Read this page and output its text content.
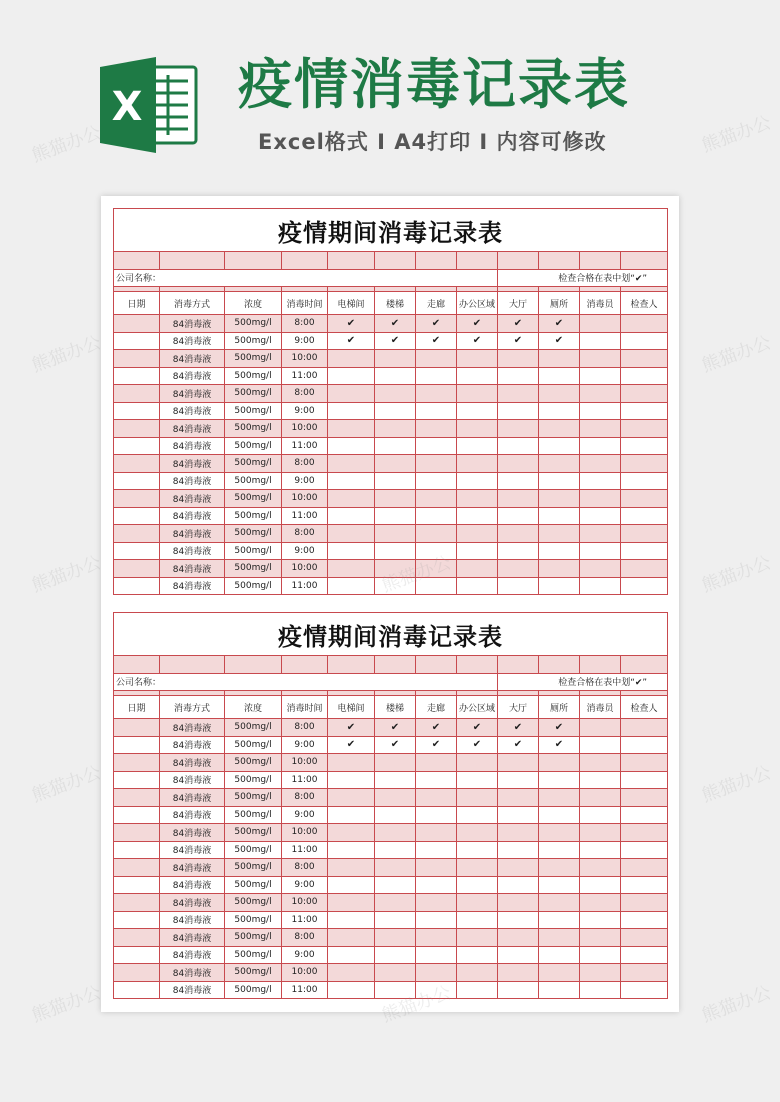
X 疫情消毒记录表
Excel格式 I A4打印 I 内容可修改
疫情期间消毒记录表											

公司名称：								检查合格在表中划“✔”			

日期	消毒方式	浓度	消毒时间	电梯间	楼梯	走廊	办公区域	大厅	厕所	消毒员	检查人
	84消毒液	500mg/l	8:00	✔	✔	✔	✔	✔	✔		
	84消毒液	500mg/l	9:00	✔	✔	✔	✔	✔	✔		
	84消毒液	500mg/l	10:00								
	84消毒液	500mg/l	11:00								
	84消毒液	500mg/l	8:00								
	84消毒液	500mg/l	9:00								
	84消毒液	500mg/l	10:00								
	84消毒液	500mg/l	11:00								
	84消毒液	500mg/l	8:00								
	84消毒液	500mg/l	9:00								
	84消毒液	500mg/l	10:00								
	84消毒液	500mg/l	11:00								
	84消毒液	500mg/l	8:00								
	84消毒液	500mg/l	9:00								
	84消毒液	500mg/l	10:00								
	84消毒液	500mg/l	11:00								
疫情期间消毒记录表											

公司名称：								检查合格在表中划“✔”			

日期	消毒方式	浓度	消毒时间	电梯间	楼梯	走廊	办公区域	大厅	厕所	消毒员	检查人
	84消毒液	500mg/l	8:00	✔	✔	✔	✔	✔	✔		
	84消毒液	500mg/l	9:00	✔	✔	✔	✔	✔	✔		
	84消毒液	500mg/l	10:00								
	84消毒液	500mg/l	11:00								
	84消毒液	500mg/l	8:00								
	84消毒液	500mg/l	9:00								
	84消毒液	500mg/l	10:00								
	84消毒液	500mg/l	11:00								
	84消毒液	500mg/l	8:00								
	84消毒液	500mg/l	9:00								
	84消毒液	500mg/l	10:00								
	84消毒液	500mg/l	11:00								
	84消毒液	500mg/l	8:00								
	84消毒液	500mg/l	9:00								
	84消毒液	500mg/l	10:00								
	84消毒液	500mg/l	11:00								
熊猫办公	熊猫办公
熊猫办公	熊猫办公
熊猫办公	熊猫办公
熊猫办公	熊猫办公
熊猫办公	熊猫办公
